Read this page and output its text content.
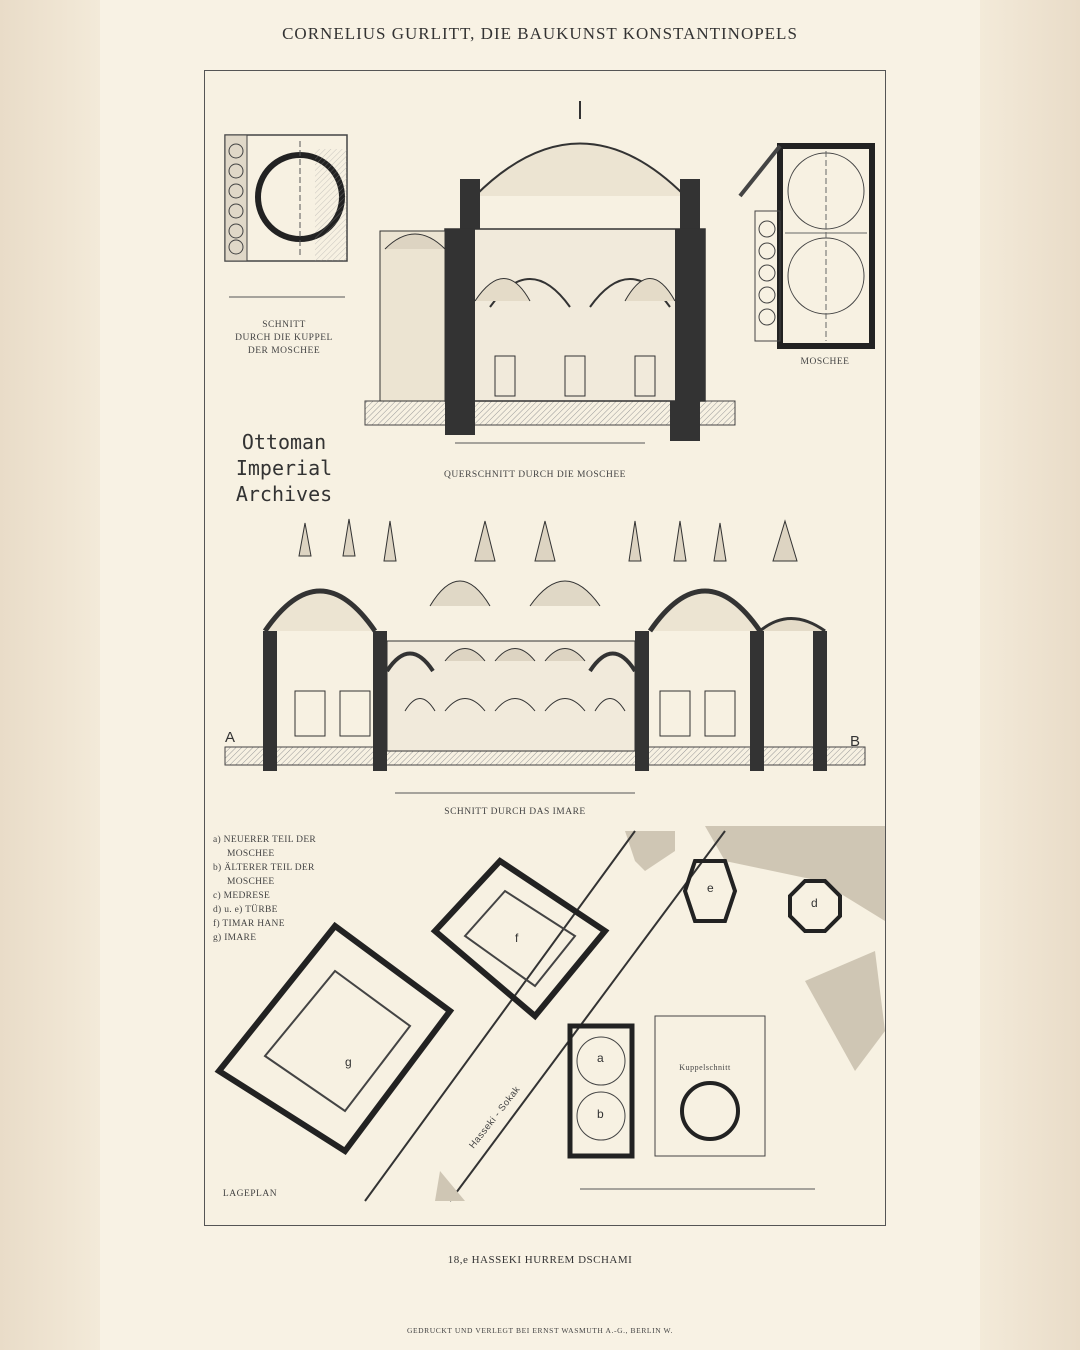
CORNELIUS GURLITT, DIE BAUKUNST KONSTANTINOPELS
SCHNITT
DURCH DIE KUPPEL
DER MOSCHEE
QUERSCHNITT DURCH DIE MOSCHEE
MOSCHEE
Ottoman
Imperial
Archives
SCHNITT DURCH DAS IMARE
A	B
a) NEUERER TEIL DER
MOSCHEE
b) ÄLTERER TEIL DER
MOSCHEE
c) MEDRESE
d) u. e) TÜRBE
f) TIMAR HANE
g) IMARE
g
f
e
d
a
b
Hasseki - Sokak
Kuppelschnitt
LAGEPLAN
18,e HASSEKI HURREM DSCHAMI
GEDRUCKT UND VERLEGT BEI ERNST WASMUTH A.-G., BERLIN W.
